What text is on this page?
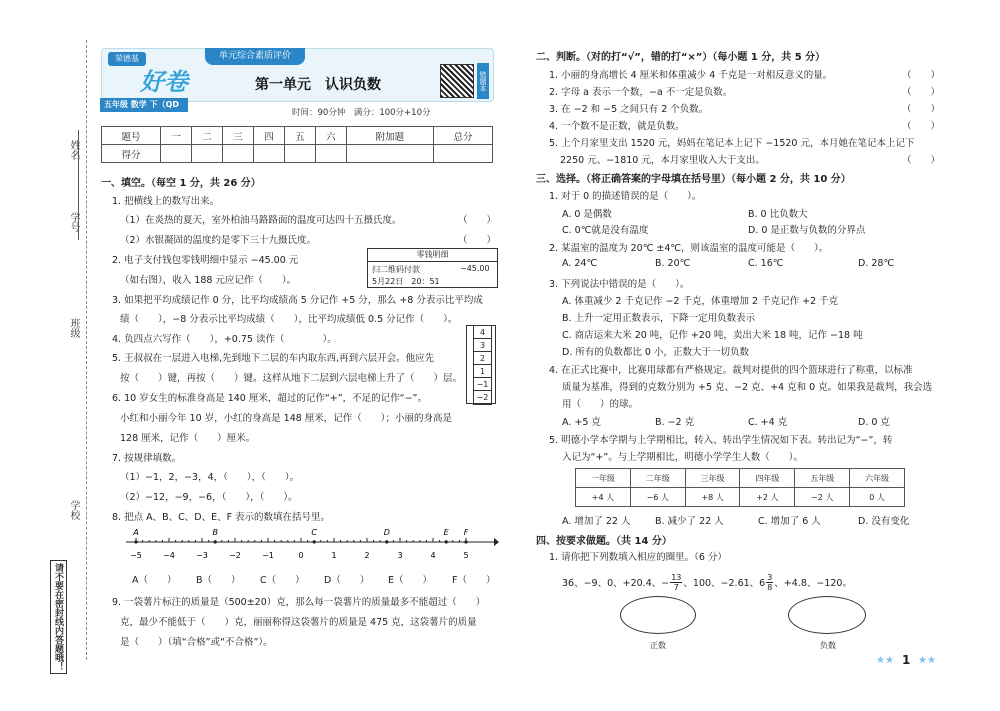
姓名
学号
班级
学校
请不要在密封线内答题哦！
荣德基
好卷
五年级 数学 下（QD版）
单元综合素质评价
第一单元　认识负数
时间：90分钟　满分：100分+10分
错题本
题号	一	二	三	四	五	六	附加题	总分
得分								
一、填空。（每空 1 分，共 26 分）
1. 把横线上的数写出来。
（1）在炎热的夏天，室外柏油马路路面的温度可达四十五摄氏度。	（　　）
（2）水银凝固的温度约是零下三十九摄氏度。	（　　）
2. 电子支付钱包零钱明细中显示 −45.00 元
（如右图），收入 188 元应记作（　　）。
零钱明细
扫二维码付款	−45.00
5月22日　20：51
3. 如果把平均成绩记作 0 分，比平均成绩高 5 分记作 +5 分，那么 +8 分表示比平均成
绩（　　），−8 分表示比平均成绩（　　），比平均成绩低 0.5 分记作（　　）。
4. 负四点六写作（　　），+0.75 读作（　　　　）。
5. 王叔叔在一层进入电梯,先到地下二层的车内取东西,再到六层开会。他应先
按（　　）键，再按（　　）键。这样从地下二层到六层电梯上升了（　　）层。
4
3
2
1
−1
−2
6. 10 岁女生的标准身高是 140 厘米，超过的记作“+”，不足的记作“−”。
小红和小丽今年 10 岁，小红的身高是 148 厘米，记作（　　）；小丽的身高是
128 厘米，记作（　　）厘米。
7. 按规律填数。
（1）−1，2，−3，4，（　　），（　　）。
（2）−12，−9，−6，（　　），（　　）。
8. 把点 A、B、C、D、E、F 表示的数填在括号里。
−5	−4	−3	−2	−1	0	1	2	3	4	5
A	B	C	D	E F
A（　　） B（　　） C（　　） D（　　） E（　　） F（　　）
9. 一袋薯片标注的质量是（500±20）克，那么每一袋薯片的质量最多不能超过（　　）
克，最少不能低于（　　）克，丽丽称得这袋薯片的质量是 475 克，这袋薯片的质量
是（　　）（填“合格”或“不合格”）。
二、判断。（对的打“√”，错的打“×”）（每小题 1 分，共 5 分）
1. 小丽的身高增长 4 厘米和体重减少 4 千克是一对相反意义的量。
2. 字母 a 表示一个数，−a 不一定是负数。
3. 在 −2 和 −5 之间只有 2 个负数。
4. 一个数不是正数，就是负数。
5. 上个月家里支出 1520 元，妈妈在笔记本上记下 −1520 元，本月她在笔记本上记下
2250 元、−1810 元，本月家里收入大于支出。
（　　）
（　　）
（　　）
（　　）
（　　）
三、选择。（将正确答案的字母填在括号里）（每小题 2 分，共 10 分）
1. 对于 0 的描述错误的是（　　）。
A. 0 是偶数	B. 0 比负数大
C. 0℃就是没有温度	D. 0 是正数与负数的分界点
2. 某温室的温度为 20℃ ±4℃，则该温室的温度可能是（　　）。
A. 24℃	B. 20℃	C. 16℃	D. 28℃
3. 下列说法中错误的是（　　）。
A. 体重减少 2 千克记作 −2 千克，体重增加 2 千克记作 +2 千克
B. 上升一定用正数表示，下降一定用负数表示
C. 商店运来大米 20 吨，记作 +20 吨，卖出大米 18 吨，记作 −18 吨
D. 所有的负数都比 0 小，正数大于一切负数
4. 在正式比赛中，比赛用球都有严格规定。裁判对提供的四个篮球进行了称重，以标准
质量为基准，得到的克数分别为 +5 克、−2 克、+4 克和 0 克。如果我是裁判，我会选
用（　　）的球。
A. +5 克	B. −2 克	C. +4 克	D. 0 克
5. 明德小学本学期与上学期相比，转入、转出学生情况如下表。转出记为“−”，转
入记为“+”。与上学期相比，明德小学学生人数（　　）。
一年级	二年级	三年级	四年级	五年级	六年级
+4 人	−6 人	+8 人	+2 人	−2 人	0 人
A. 增加了 22 人	B. 减少了 22 人	C. 增加了 6 人	D. 没有变化
四、按要求做题。（共 14 分）
1. 请你把下列数填入相应的圈里。（6 分）
36、−9、0、+20.4、− $\frac{13}{7}$ 、100、−2.61、$6 \frac{3}{8}$ 、+4.8、−120。
正数	负数
★★ 1 ★★
